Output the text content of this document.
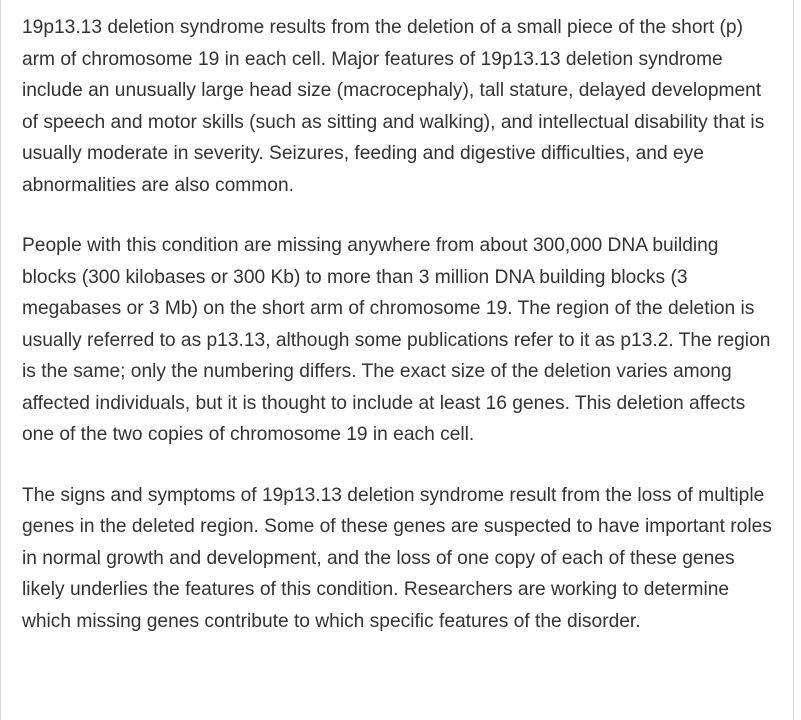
19p13.13 deletion syndrome results from the deletion of a small piece of the short (p) arm of chromosome 19 in each cell. Major features of 19p13.13 deletion syndrome include an unusually large head size (macrocephaly), tall stature, delayed development of speech and motor skills (such as sitting and walking), and intellectual disability that is usually moderate in severity. Seizures, feeding and digestive difficulties, and eye abnormalities are also common.

People with this condition are missing anywhere from about 300,000 DNA building blocks (300 kilobases or 300 Kb) to more than 3 million DNA building blocks (3 megabases or 3 Mb) on the short arm of chromosome 19. The region of the deletion is usually referred to as p13.13, although some publications refer to it as p13.2. The region is the same; only the numbering differs. The exact size of the deletion varies among affected individuals, but it is thought to include at least 16 genes. This deletion affects one of the two copies of chromosome 19 in each cell.

The signs and symptoms of 19p13.13 deletion syndrome result from the loss of multiple genes in the deleted region. Some of these genes are suspected to have important roles in normal growth and development, and the loss of one copy of each of these genes likely underlies the features of this condition. Researchers are working to determine which missing genes contribute to which specific features of the disorder.
